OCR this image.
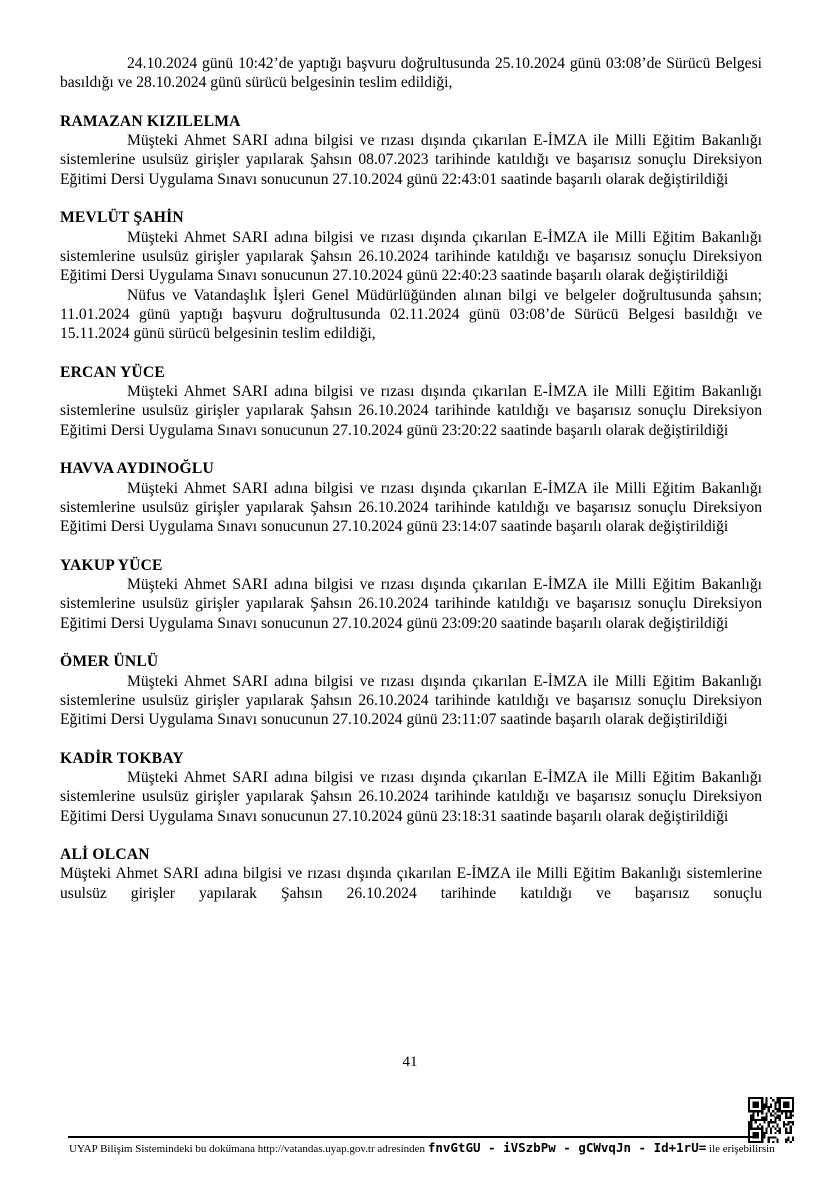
24.10.2024 günü 10:42’de yaptığı başvuru doğrultusunda 25.10.2024 günü 03:08’de Sürücü Belgesi basıldığı ve 28.10.2024 günü sürücü belgesinin teslim edildiği,

RAMAZAN KIZILELMA

Müşteki Ahmet SARI adına bilgisi ve rızası dışında çıkarılan E-İMZA ile Milli Eğitim Bakanlığı sistemlerine usulsüz girişler yapılarak Şahsın 08.07.2023 tarihinde katıldığı ve başarısız sonuçlu Direksiyon Eğitimi Dersi Uygulama Sınavı sonucunun 27.10.2024 günü 22:43:01 saatinde başarılı olarak değiştirildiği

MEVLÜT ŞAHİN

Müşteki Ahmet SARI adına bilgisi ve rızası dışında çıkarılan E-İMZA ile Milli Eğitim Bakanlığı sistemlerine usulsüz girişler yapılarak Şahsın 26.10.2024 tarihinde katıldığı ve başarısız sonuçlu Direksiyon Eğitimi Dersi Uygulama Sınavı sonucunun 27.10.2024 günü 22:40:23 saatinde başarılı olarak değiştirildiği

Nüfus ve Vatandaşlık İşleri Genel Müdürlüğünden alınan bilgi ve belgeler doğrultusunda şahsın; 11.01.2024 günü yaptığı başvuru doğrultusunda 02.11.2024 günü 03:08’de Sürücü Belgesi basıldığı ve 15.11.2024 günü sürücü belgesinin teslim edildiği,

ERCAN YÜCE

Müşteki Ahmet SARI adına bilgisi ve rızası dışında çıkarılan E-İMZA ile Milli Eğitim Bakanlığı sistemlerine usulsüz girişler yapılarak Şahsın 26.10.2024 tarihinde katıldığı ve başarısız sonuçlu Direksiyon Eğitimi Dersi Uygulama Sınavı sonucunun 27.10.2024 günü 23:20:22 saatinde başarılı olarak değiştirildiği

HAVVA AYDINOĞLU

Müşteki Ahmet SARI adına bilgisi ve rızası dışında çıkarılan E-İMZA ile Milli Eğitim Bakanlığı sistemlerine usulsüz girişler yapılarak Şahsın 26.10.2024 tarihinde katıldığı ve başarısız sonuçlu Direksiyon Eğitimi Dersi Uygulama Sınavı sonucunun 27.10.2024 günü 23:14:07 saatinde başarılı olarak değiştirildiği

YAKUP YÜCE

Müşteki Ahmet SARI adına bilgisi ve rızası dışında çıkarılan E-İMZA ile Milli Eğitim Bakanlığı sistemlerine usulsüz girişler yapılarak Şahsın 26.10.2024 tarihinde katıldığı ve başarısız sonuçlu Direksiyon Eğitimi Dersi Uygulama Sınavı sonucunun 27.10.2024 günü 23:09:20 saatinde başarılı olarak değiştirildiği

ÖMER ÜNLÜ

Müşteki Ahmet SARI adına bilgisi ve rızası dışında çıkarılan E-İMZA ile Milli Eğitim Bakanlığı sistemlerine usulsüz girişler yapılarak Şahsın 26.10.2024 tarihinde katıldığı ve başarısız sonuçlu Direksiyon Eğitimi Dersi Uygulama Sınavı sonucunun 27.10.2024 günü 23:11:07 saatinde başarılı olarak değiştirildiği

KADİR TOKBAY

Müşteki Ahmet SARI adına bilgisi ve rızası dışında çıkarılan E-İMZA ile Milli Eğitim Bakanlığı sistemlerine usulsüz girişler yapılarak Şahsın 26.10.2024 tarihinde katıldığı ve başarısız sonuçlu Direksiyon Eğitimi Dersi Uygulama Sınavı sonucunun 27.10.2024 günü 23:18:31 saatinde başarılı olarak değiştirildiği

ALİ OLCAN

Müşteki Ahmet SARI adına bilgisi ve rızası dışında çıkarılan E-İMZA ile Milli Eğitim Bakanlığı sistemlerine usulsüz girişler yapılarak Şahsın 26.10.2024 tarihinde katıldığı ve başarısız sonuçlu

41

UYAP Bilişim Sistemindeki bu dokümana http://vatandas.uyap.gov.tr adresinden fnvGtGU - iVSzbPw - gCWvqJn - Id+1rU= ile erişebilirsin
